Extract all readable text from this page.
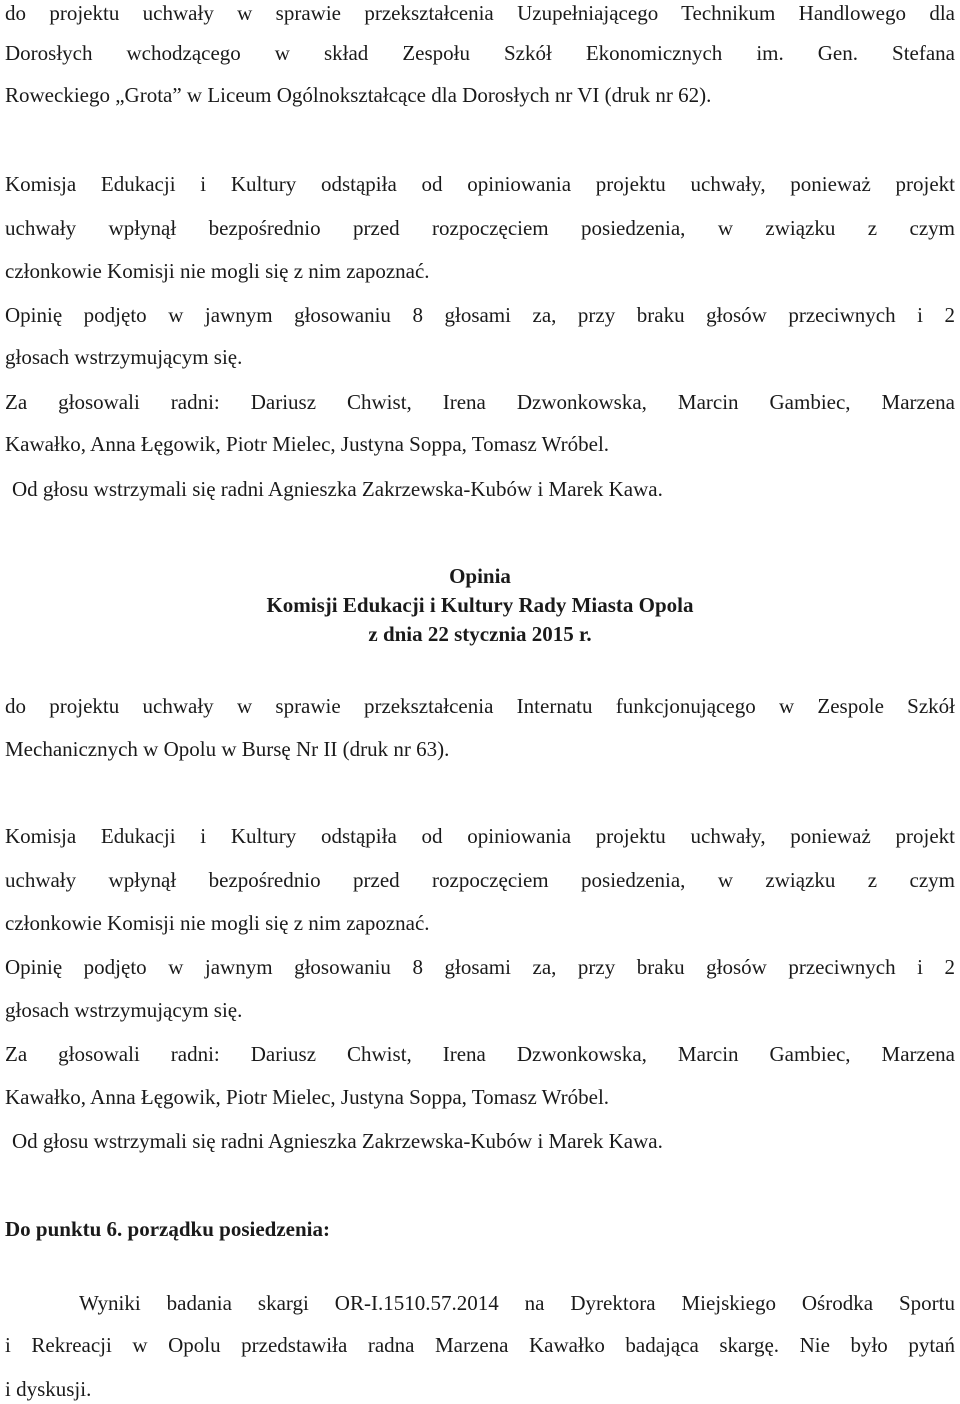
do projektu uchwały w sprawie przekształcenia Uzupełniającego Technikum Handlowego dla
Dorosłych wchodzącego w skład Zespołu Szkół Ekonomicznych im. Gen. Stefana
Roweckiego „Grota” w Liceum Ogólnokształcące dla Dorosłych nr VI (druk nr 62).
Komisja Edukacji i Kultury odstąpiła od opiniowania projektu uchwały, ponieważ projekt
uchwały wpłynął bezpośrednio przed rozpoczęciem posiedzenia, w związku z czym
członkowie Komisji nie mogli się z nim zapoznać.
Opinię podjęto w jawnym głosowaniu 8 głosami za, przy braku głosów przeciwnych i 2
głosach wstrzymującym się.
Za głosowali radni: Dariusz Chwist, Irena Dzwonkowska, Marcin Gambiec, Marzena
Kawałko, Anna Łęgowik, Piotr Mielec, Justyna Soppa, Tomasz Wróbel.
Od głosu wstrzymali się radni Agnieszka Zakrzewska-Kubów i Marek Kawa.
Opinia
Komisji Edukacji i Kultury Rady Miasta Opola
z dnia 22 stycznia 2015 r.
do projektu uchwały w sprawie przekształcenia Internatu funkcjonującego w Zespole Szkół
Mechanicznych w Opolu w Bursę Nr II (druk nr 63).
Komisja Edukacji i Kultury odstąpiła od opiniowania projektu uchwały, ponieważ projekt
uchwały wpłynął bezpośrednio przed rozpoczęciem posiedzenia, w związku z czym
członkowie Komisji nie mogli się z nim zapoznać.
Opinię podjęto w jawnym głosowaniu 8 głosami za, przy braku głosów przeciwnych i 2
głosach wstrzymującym się.
Za głosowali radni: Dariusz Chwist, Irena Dzwonkowska, Marcin Gambiec, Marzena
Kawałko, Anna Łęgowik, Piotr Mielec, Justyna Soppa, Tomasz Wróbel.
Od głosu wstrzymali się radni Agnieszka Zakrzewska-Kubów i Marek Kawa.
Do punktu 6. porządku posiedzenia:
Wyniki badania skargi OR-I.1510.57.2014 na Dyrektora Miejskiego Ośrodka Sportu
i Rekreacji w Opolu przedstawiła radna Marzena Kawałko badająca skargę. Nie było pytań
i dyskusji.
